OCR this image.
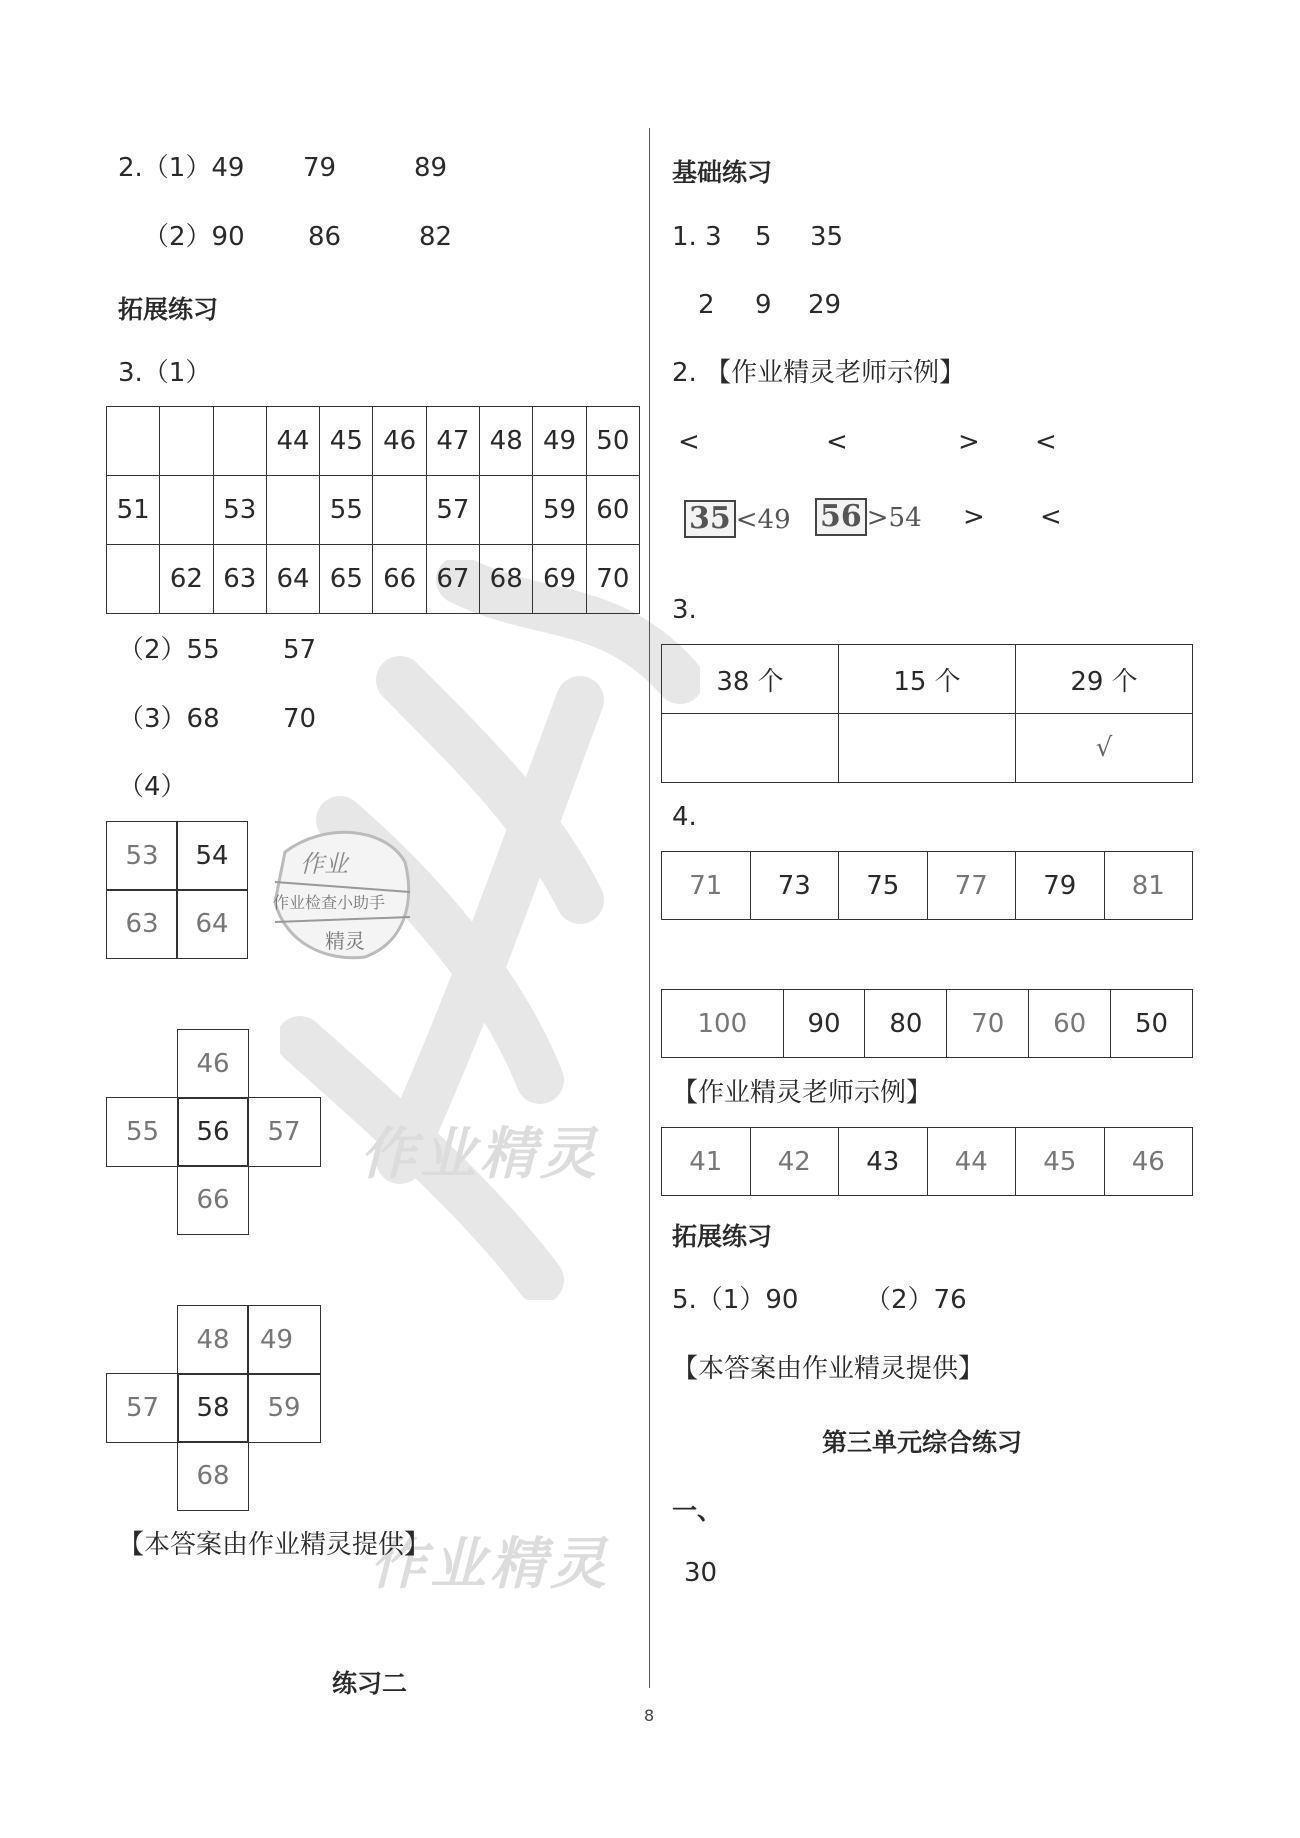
作业精灵
作业精灵
2.（1）49 79	89
（2）90 86	82
拓展练习
3.（1）
			44	45	46	47	48	49	50
51		53		55		57		59	60
	62	63	64	65	66	67	68	69	70
（2）55 57
（3）68 70
（4）
53	54
63	64
作业
作业检查小助手
精灵
46
55	56	57
66
48	49
57	58	59
68
【本答案由作业精灵提供】
练习二
基础练习
1. 3 5 35
2 9 29
2. 【作业精灵老师示例】
<	<	> <
35 <49 56 >54 > <
3.
38 个	15 个	29 个
		√
4.
71	73	75	77	79	81
100	90	80	70	60	50
【作业精灵老师示例】
41	42	43	44	45	46
拓展练习
5.（1）90	（2）76
【本答案由作业精灵提供】
第三单元综合练习
一、
30
8
